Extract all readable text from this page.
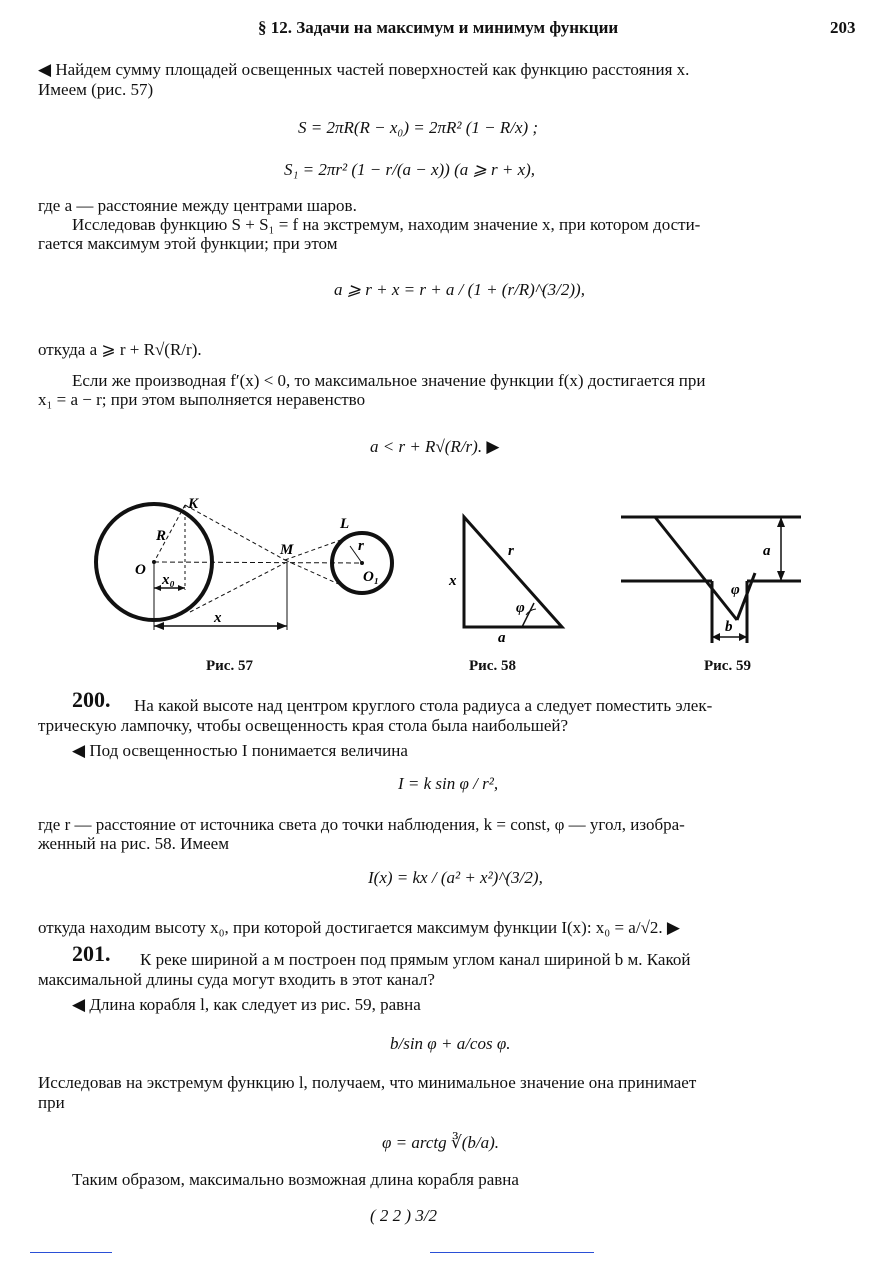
§ 12. Задачи на максимум и минимум функции	203
◀ Найдем сумму площадей освещенных частей поверхностей как функцию расстояния x.
Имеем (рис. 57)
S = 2πR(R − x₀) = 2πR² (1 − R/x) ;
S₁ = 2πr² (1 − r/(a − x)) (a ⩾ r + x),
где a — расстояние между центрами шаров.
Исследовав функцию S + S₁ = f на экстремум, находим значение x, при котором дости-
гается максимум этой функции; при этом
a ⩾ r + x = r + a / (1 + (r/R)^(3/2)),
откуда a ⩾ r + R√(R/r).
Если же производная f′(x) < 0, то максимальное значение функции f(x) достигается при
x₁ = a − r; при этом выполняется неравенство
a < r + R√(R/r). ▶
K
R
O
x₀
M
L
r
O₁
x
Рис. 57
r
x
φ
a
Рис. 58
a
φ
b
Рис. 59
200. На какой высоте над центром круглого стола радиуса a следует поместить элек-
трическую лампочку, чтобы освещенность края стола была наибольшей?
◀ Под освещенностью I понимается величина
I = k sin φ / r²,
где r — расстояние от источника света до точки наблюдения, k = const, φ — угол, изобра-
женный на рис. 58. Имеем
I(x) = kx / (a² + x²)^(3/2),
откуда находим высоту x₀, при которой достигается максимум функции I(x): x₀ = a/√2. ▶
201. К реке шириной a м построен под прямым углом канал шириной b м. Какой
максимальной длины суда могут входить в этот канал?
◀ Длина корабля l, как следует из рис. 59, равна
b/sin φ + a/cos φ.
Исследовав на экстремум функцию l, получаем, что минимальное значение она принимает
при
φ = arctg ∛(b/a).
Таким образом, максимально возможная длина корабля равна
( 2 2 ) 3/2
